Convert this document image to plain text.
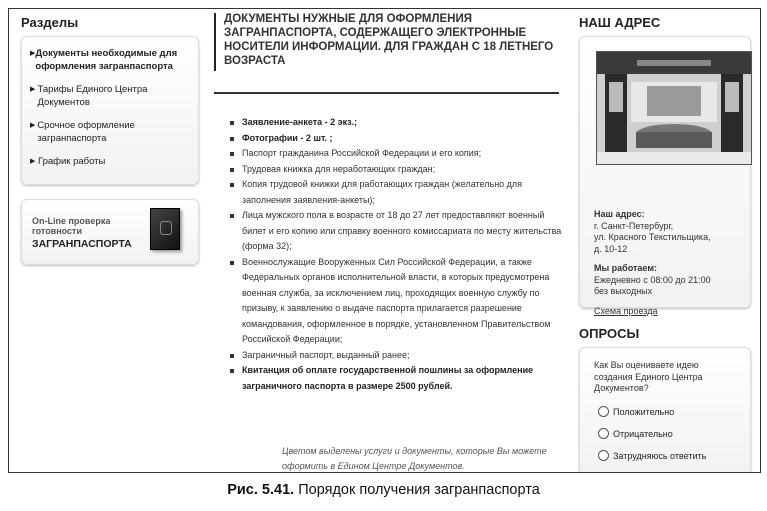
Разделы
▶ Документы необходимые для оформления загранпаспорта
▶ Тарифы Единого Центра Документов
▶ Срочное оформление загранпаспорта
▶ График работы
On-Line проверка готовности
ЗАГРАНПАСПОРТА
ДОКУМЕНТЫ НУЖНЫЕ ДЛЯ ОФОРМЛЕНИЯ ЗАГРАНПАСПОРТА, СОДЕРЖАЩЕГО ЭЛЕКТРОННЫЕ НОСИТЕЛИ ИНФОРМАЦИИ. ДЛЯ ГРАЖДАН С 18 ЛЕТНЕГО ВОЗРАСТА
Заявление-анкета - 2 экз.;
Фотографии - 2 шт. ;
Паспорт гражданина Российской Федерации и его копия;
Трудовая книжка для неработающих граждан;
Копия трудовой книжки для работающих граждан (желательно для заполнения заявления-анкеты);
Лица мужского пола в возрасте от 18 до 27 лет предоставляют военный билет и его копию или справку военного комиссариата по месту жительства (форма 32);
Военнослужащие Вооруженных Сил Российской Федерации, а также Федеральных органов исполнительной власти, в которых предусмотрена военная служба, за исключением лиц, проходящих военную службу по призыву, к заявлению о выдаче паспорта прилагается разрешение командования, оформленное в порядке, установленном Правительством Российской Федерации;
Заграничный паспорт, выданный ранее;
Квитанция об оплате государственной пошлины за оформление заграничного паспорта в размере 2500 рублей.
Цветом выделены услуги и документы, которые Вы можете оформить в Едином Центре Документов.
НАШ АДРЕС
Наш адрес:
г. Санкт-Петербург,
ул. Красного Текстильщика,
д. 10-12
Мы работаем:
Ежедневно с 08:00 до 21:00
без выходных
Схема проезда
ОПРОСЫ
Как Вы оцениваете идею создания Единого Центра Документов?
Положительно
Отрицательно
Затрудняюсь ответить
Рис. 5.41. Порядок получения загранпаспорта
